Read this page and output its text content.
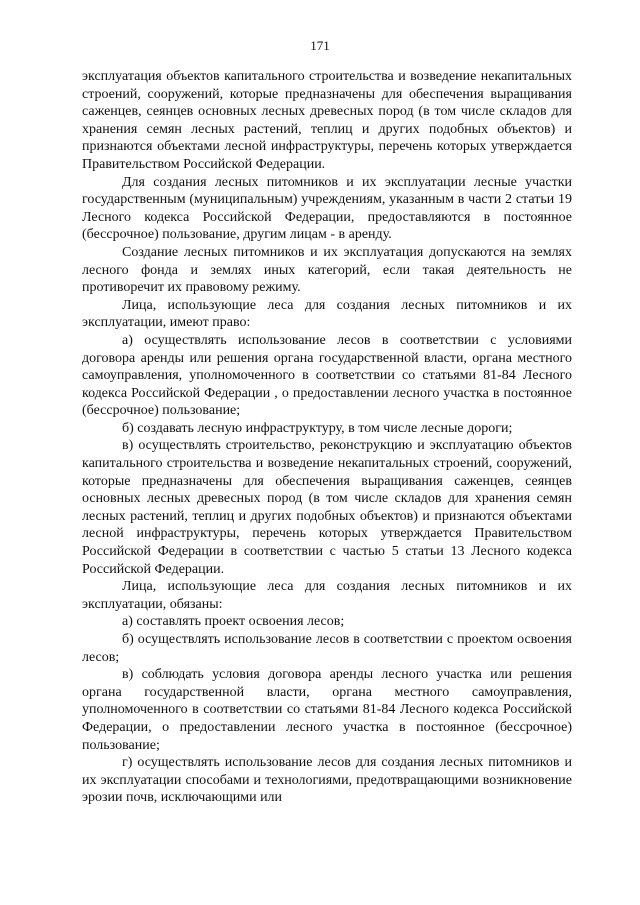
171

эксплуатация объектов капитального строительства и возведение некапитальных строений, сооружений, которые предназначены для обеспечения выращивания саженцев, сеянцев основных лесных древесных пород (в том числе складов для хранения семян лесных растений, теплиц и других подобных объектов) и признаются объектами лесной инфраструктуры, перечень которых утверждается Правительством Российской Федерации.

Для создания лесных питомников и их эксплуатации лесные участки государственным (муниципальным) учреждениям, указанным в части 2 статьи 19 Лесного кодекса Российской Федерации, предоставляются в постоянное (бессрочное) пользование, другим лицам - в аренду.

Создание лесных питомников и их эксплуатация допускаются на землях лесного фонда и землях иных категорий, если такая деятельность не противоречит их правовому режиму.

Лица, использующие леса для создания лесных питомников и их эксплуатации, имеют право:

а) осуществлять использование лесов в соответствии с условиями договора аренды или решения органа государственной власти, органа местного самоуправления, уполномоченного в соответствии со статьями 81-84 Лесного кодекса Российской Федерации , о предоставлении лесного участка в постоянное (бессрочное) пользование;

б) создавать лесную инфраструктуру, в том числе лесные дороги;

в) осуществлять строительство, реконструкцию и эксплуатацию объектов капитального строительства и возведение некапитальных строений, сооружений, которые предназначены для обеспечения выращивания саженцев, сеянцев основных лесных древесных пород (в том числе складов для хранения семян лесных растений, теплиц и других подобных объектов) и признаются объектами лесной инфраструктуры, перечень которых утверждается Правительством Российской Федерации в соответствии с частью 5 статьи 13 Лесного кодекса Российской Федерации.

Лица, использующие леса для создания лесных питомников и их эксплуатации, обязаны:

а) составлять проект освоения лесов;

б) осуществлять использование лесов в соответствии с проектом освоения лесов;

в) соблюдать условия договора аренды лесного участка или решения органа государственной власти, органа местного самоуправления, уполномоченного в соответствии со статьями 81-84 Лесного кодекса Российской Федерации, о предоставлении лесного участка в постоянное (бессрочное) пользование;

г) осуществлять использование лесов для создания лесных питомников и их эксплуатации способами и технологиями, предотвращающими возникновение эрозии почв, исключающими или
